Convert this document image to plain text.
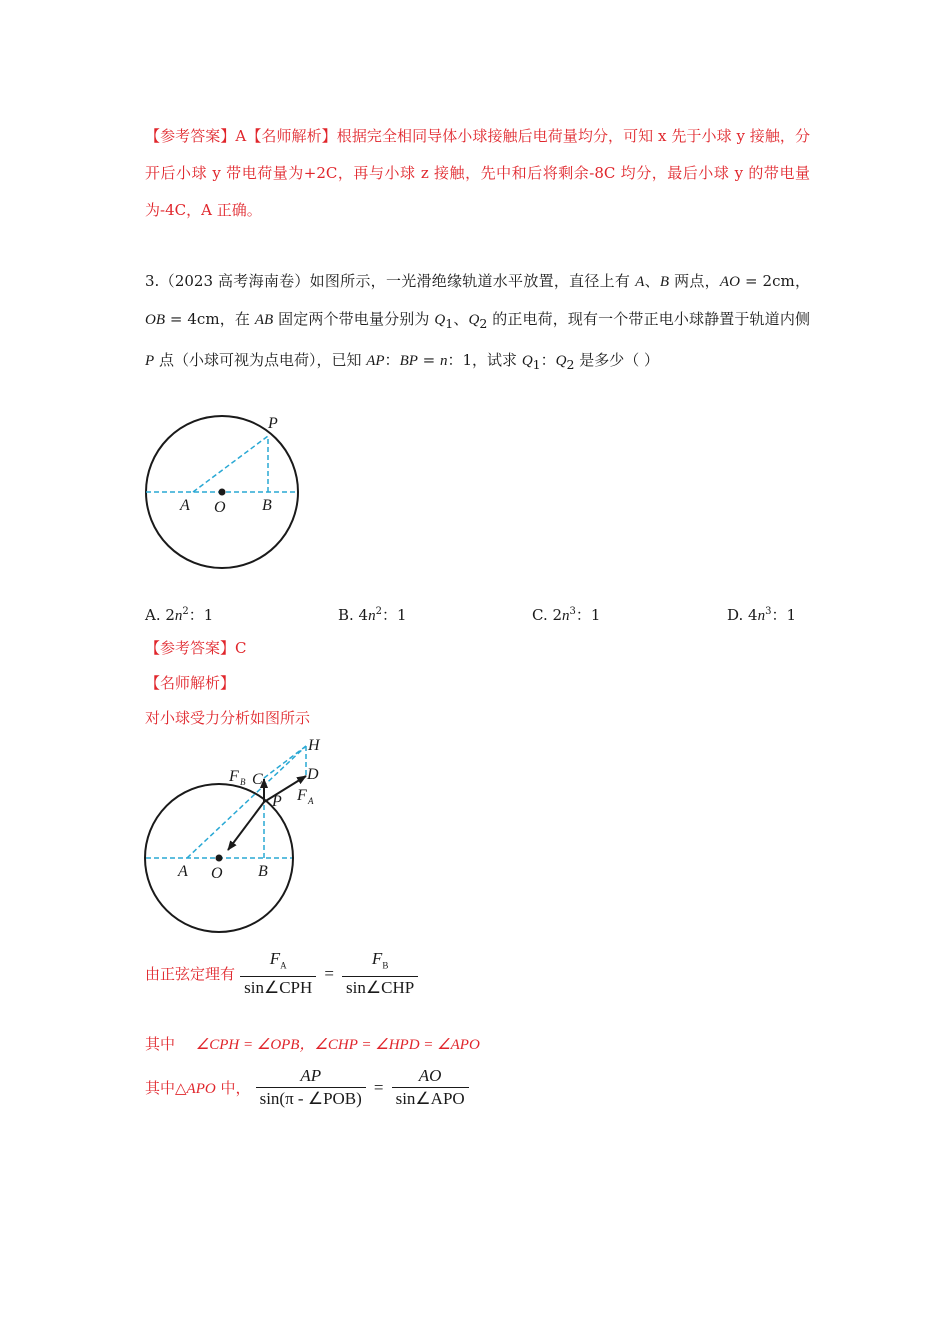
【参考答案】A【名师解析】根据完全相同导体小球接触后电荷量均分，可知 x 先于小球 y 接触，分开后小球 y 带电荷量为+2C，再与小球 z 接触，先中和后将剩余-8C 均分，最后小球 y 的带电量为-4C，A 正确。
3.（2023 高考海南卷）如图所示，一光滑绝缘轨道水平放置，直径上有 A、B 两点，AO = 2cm，OB = 4cm，在 AB 固定两个带电量分别为 $Q_1$、$Q_2$ 的正电荷，现有一个带正电小球静置于轨道内侧 P 点（小球可视为点电荷），已知 AP：BP = n：1，试求 $Q_1$：$Q_2$ 是多少（ ）
P
A O B
A. $2n^2$：1	B. $4n^2$：1	C. $2n^3$：1	D. $4n^3$：1
【参考答案】C
【名师解析】
对小球受力分析如图所示
H
D
C
F B
F A
P
A O B
由正弦定理有 $\frac{F_A}{\text{sin∠CPH}} = \frac{F_B}{\text{sin∠CHP}}$
其中 ∠CPH = ∠OPB，∠CHP = ∠HPD = ∠APO
其中△APO 中， $\frac{AP}{\text{sin(π - ∠POB)}} = \frac{AO}{\text{sin∠APO}}$
